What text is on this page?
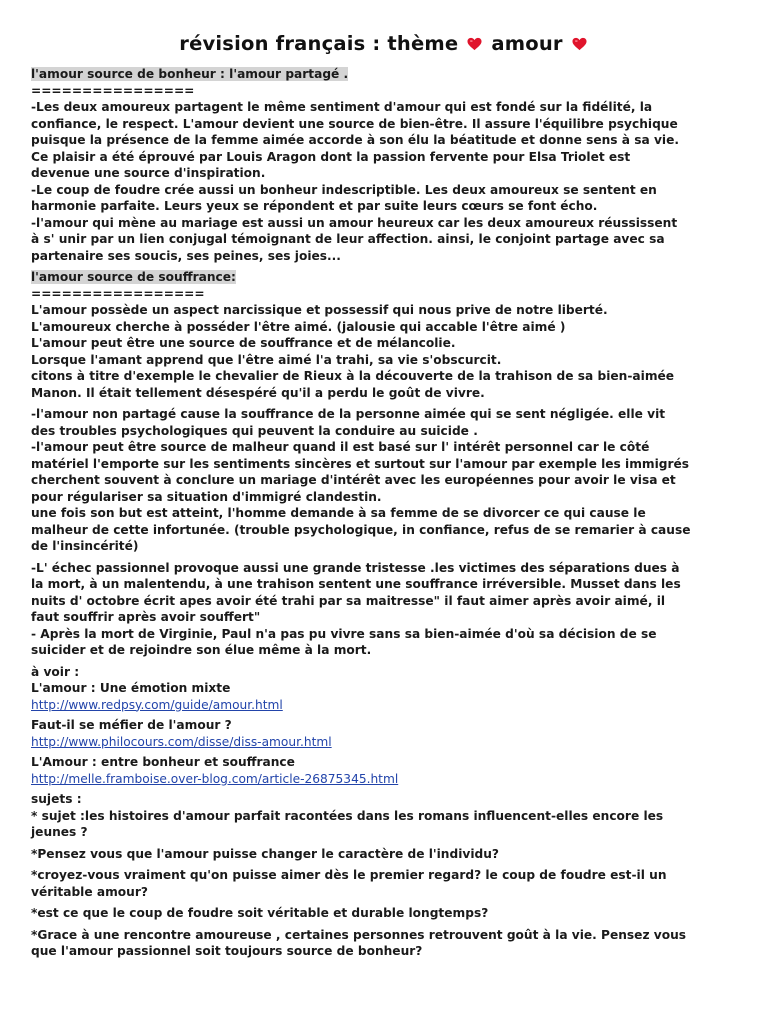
révision français : thème amour

l'amour source de bonheur : l'amour partagé .

================

-Les deux amoureux partagent le même sentiment d'amour qui est fondé sur la fidélité, la

confiance, le respect. L'amour devient une source de bien-être. Il assure l'équilibre psychique

puisque la présence de la femme aimée accorde à son élu la béatitude et donne sens à sa vie.

Ce plaisir a été éprouvé par Louis Aragon dont la passion fervente pour Elsa Triolet est

devenue une source d'inspiration.

-Le coup de foudre crée aussi un bonheur indescriptible. Les deux amoureux se sentent en

harmonie parfaite. Leurs yeux se répondent et par suite leurs cœurs se font écho.

-l'amour qui mène au mariage est aussi un amour heureux car les deux amoureux réussissent

à s' unir par un lien conjugal témoignant de leur affection. ainsi, le conjoint partage avec sa

partenaire ses soucis, ses peines, ses joies...

l'amour source de souffrance:

=================

L'amour possède un aspect narcissique et possessif qui nous prive de notre liberté.

L'amoureux cherche à posséder l'être aimé. (jalousie qui accable l'être aimé )

L'amour peut être une source de souffrance et de mélancolie.

Lorsque l'amant apprend que l'être aimé l'a trahi, sa vie s'obscurcit.

citons à titre d'exemple le chevalier de Rieux à la découverte de la trahison de sa bien-aimée

Manon. Il était tellement désespéré qu'il a perdu le goût de vivre.

-l'amour non partagé cause la souffrance de la personne aimée qui se sent négligée. elle vit

des troubles psychologiques qui peuvent la conduire au suicide .

-l'amour peut être source de malheur quand il est basé sur l' intérêt personnel car le côté

matériel l'emporte sur les sentiments sincères et surtout sur l'amour par exemple les immigrés

cherchent souvent à conclure un mariage d'intérêt avec les européennes pour avoir le visa et

pour régulariser sa situation d'immigré clandestin.

une fois son but est atteint, l'homme demande à sa femme de se divorcer ce qui cause le

malheur de cette infortunée. (trouble psychologique, in confiance, refus de se remarier à cause

de l'insincérité)

-L' échec passionnel provoque aussi une grande tristesse .les victimes des séparations dues à

la mort, à un malentendu, à une trahison sentent une souffrance irréversible. Musset dans les

nuits d' octobre écrit apes avoir été trahi par sa maitresse" il faut aimer après avoir aimé, il

faut souffrir après avoir souffert"

- Après la mort de Virginie, Paul n'a pas pu vivre sans sa bien-aimée d'où sa décision de se

suicider et de rejoindre son élue même à la mort.

à voir :

L'amour : Une émotion mixte

http://www.redpsy.com/guide/amour.html

Faut-il se méfier de l'amour ?

http://www.philocours.com/disse/diss-amour.html

L'Amour : entre bonheur et souffrance

http://melle.framboise.over-blog.com/article-26875345.html

sujets :

* sujet :les histoires d'amour parfait racontées dans les romans influencent-elles encore les

jeunes ?

*Pensez vous que l'amour puisse changer le caractère de l'individu?

*croyez-vous vraiment qu'on puisse aimer dès le premier regard? le coup de foudre est-il un

véritable amour?

*est ce que le coup de foudre soit véritable et durable longtemps?

*Grace à une rencontre amoureuse , certaines personnes retrouvent goût à la vie. Pensez vous

que l'amour passionnel soit toujours source de bonheur?
